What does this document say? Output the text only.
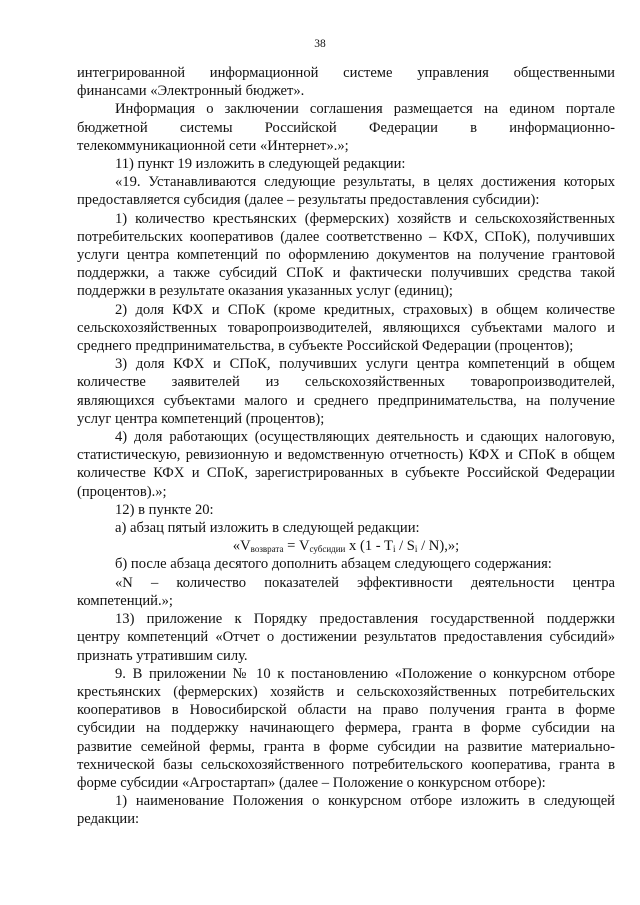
38

интегрированной информационной системе управления общественными

финансами «Электронный бюджет».

Информация о заключении соглашения размещается на едином портале

бюджетной системы Российской Федерации в информационно-

телекоммуникационной сети «Интернет».»;

11) пункт 19 изложить в следующей редакции:

«19. Устанавливаются следующие результаты, в целях достижения которых

предоставляется субсидия (далее – результаты предоставления субсидии):

1) количество крестьянских (фермерских) хозяйств и сельскохозяйственных

потребительских кооперативов (далее соответственно – КФХ, СПоК), получивших

услуги центра компетенций по оформлению документов на получение грантовой

поддержки, а также субсидий СПоК и фактически получивших средства такой

поддержки в результате оказания указанных услуг (единиц);

2) доля КФХ и СПоК (кроме кредитных, страховых) в общем количестве

сельскохозяйственных товаропроизводителей, являющихся субъектами малого и

среднего предпринимательства, в субъекте Российской Федерации (процентов);

3) доля КФХ и СПоК, получивших услуги центра компетенций в общем

количестве заявителей из сельскохозяйственных товаропроизводителей,

являющихся субъектами малого и среднего предпринимательства, на получение

услуг центра компетенций (процентов);

4) доля работающих (осуществляющих деятельность и сдающих налоговую,

статистическую, ревизионную и ведомственную отчетность) КФХ и СПоК в общем

количестве КФХ и СПоК, зарегистрированных в субъекте Российской Федерации

(процентов).»;

12) в пункте 20:

а) абзац пятый изложить в следующей редакции:

«$V_{возврата} = V_{субсидии}$ x $(1 - T_i / S_i / N)$,»;

б) после абзаца десятого дополнить абзацем следующего содержания:

«N – количество показателей эффективности деятельности центра

компетенций.»;

13) приложение к Порядку предоставления государственной поддержки

центру компетенций «Отчет о достижении результатов предоставления субсидий»

признать утратившим силу.

9. В приложении № 10 к постановлению «Положение о конкурсном отборе

крестьянских (фермерских) хозяйств и сельскохозяйственных потребительских

кооперативов в Новосибирской области на право получения гранта в форме

субсидии на поддержку начинающего фермера, гранта в форме субсидии на

развитие семейной фермы, гранта в форме субсидии на развитие материально-

технической базы сельскохозяйственного потребительского кооператива, гранта в

форме субсидии «Агростартап» (далее – Положение о конкурсном отборе):

1) наименование Положения о конкурсном отборе изложить в следующей

редакции:
